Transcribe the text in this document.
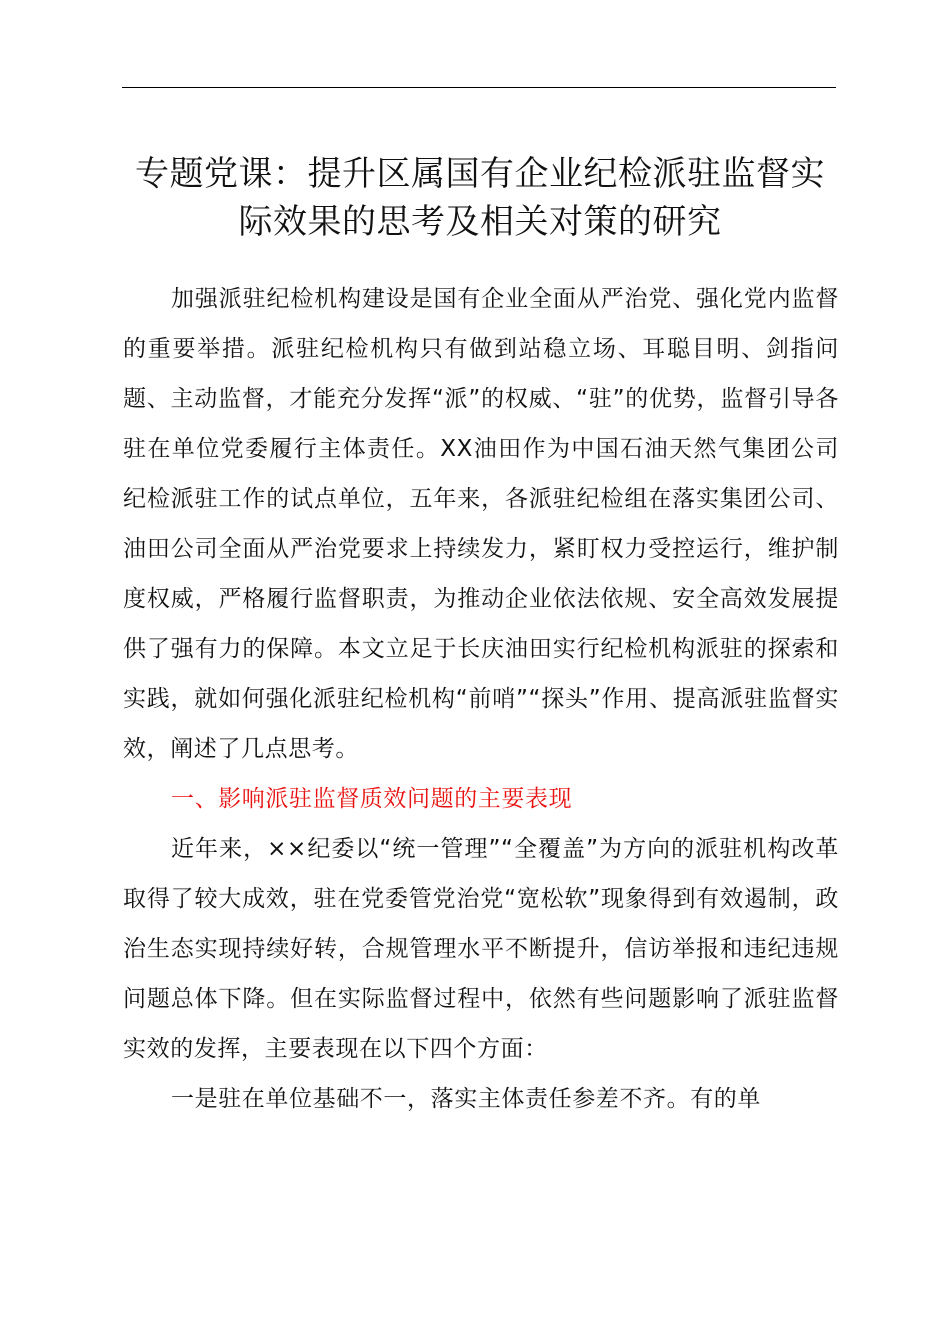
专题党课：提升区属国有企业纪检派驻监督实
际效果的思考及相关对策的研究

加强派驻纪检机构建设是国有企业全面从严治党、强化党内监督的重要举措。派驻纪检机构只有做到站稳立场、耳聪目明、剑指问题、主动监督，才能充分发挥“派”的权威、“驻”的优势，监督引导各驻在单位党委履行主体责任。XX油田作为中国石油天然气集团公司纪检派驻工作的试点单位，五年来，各派驻纪检组在落实集团公司、油田公司全面从严治党要求上持续发力，紧盯权力受控运行，维护制度权威，严格履行监督职责，为推动企业依法依规、安全高效发展提供了强有力的保障。本文立足于长庆油田实行纪检机构派驻的探索和实践，就如何强化派驻纪检机构“前哨”“探头”作用、提高派驻监督实效，阐述了几点思考。

一、影响派驻监督质效问题的主要表现

近年来，××纪委以“统一管理”“全覆盖”为方向的派驻机构改革取得了较大成效，驻在党委管党治党“宽松软”现象得到有效遏制，政治生态实现持续好转，合规管理水平不断提升，信访举报和违纪违规问题总体下降。但在实际监督过程中，依然有些问题影响了派驻监督实效的发挥，主要表现在以下四个方面：

一是驻在单位基础不一，落实主体责任参差不齐。有的单
